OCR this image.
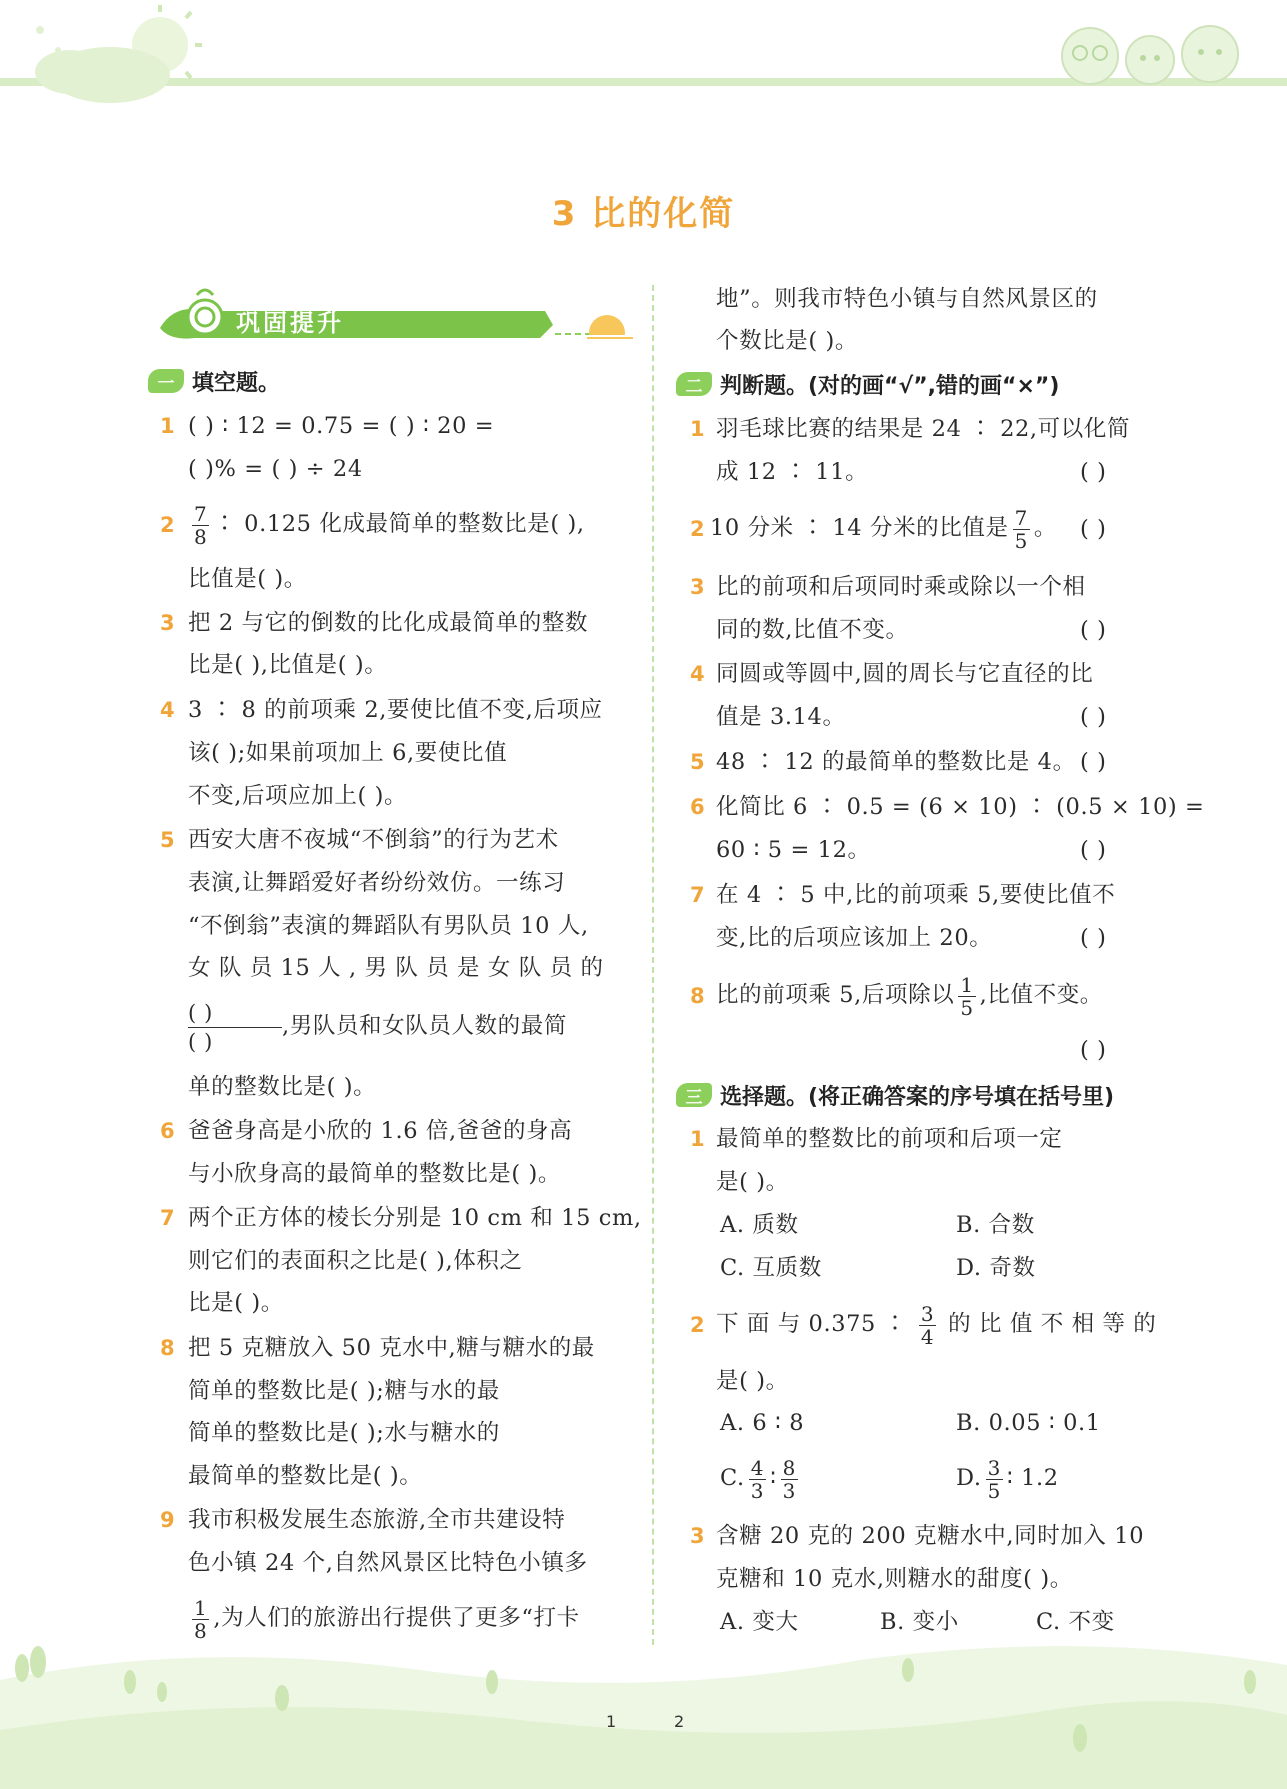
3 比的化简
巩固提升
一 填空题。
1 ( ) ∶ 12 = 0.75 = ( ) ∶ 20 =
( )% = ( ) ÷ 24
$2 \frac{7}{8}$ ∶ 0.125 化成最简单的整数比是( ),
比值是( )。
3 把 2 与它的倒数的比化成最简单的整数
比是( ),比值是( )。
4 3 ∶ 8 的前项乘 2,要使比值不变,后项应
该( );如果前项加上 6,要使比值
不变,后项应加上( )。
5 西安大唐不夜城“不倒翁”的行为艺术
表演,让舞蹈爱好者纷纷效仿。一练习
“不倒翁”表演的舞蹈队有男队员 10 人,
女 队 员 15 人 , 男 队 员 是 女 队 员 的
$\frac{( )}{( )}$,男队员和女队员人数的最简
单的整数比是( )。
6 爸爸身高是小欣的 1.6 倍,爸爸的身高
与小欣身高的最简单的整数比是( )。
7 两个正方体的棱长分别是 10 cm 和 15 cm,
则它们的表面积之比是( ),体积之
比是( )。
8 把 5 克糖放入 50 克水中,糖与糖水的最
简单的整数比是( );糖与水的最
简单的整数比是( );水与糖水的
最简单的整数比是( )。
9 我市积极发展生态旅游,全市共建设特
色小镇 24 个,自然风景区比特色小镇多
$\frac{1}{8}$ ,为人们的旅游出行提供了更多“打卡
地”。则我市特色小镇与自然风景区的
个数比是( )。
二 判断题。(对的画“√”,错的画“×”)
1 羽毛球比赛的结果是 24 ∶ 22,可以化简
成 12 ∶ 11。	( )
2 10 分米 ∶ 14 分米的比值是 $\frac{7}{5}$ 。 ( )
3 比的前项和后项同时乘或除以一个相
同的数,比值不变。	( )
4 同圆或等圆中,圆的周长与它直径的比
值是 3.14。	( )
5 48 ∶ 12 的最简单的整数比是 4。 ( )
6 化简比 6 ∶ 0.5 = (6 × 10) ∶ (0.5 × 10) =
60 ∶ 5 = 12。	( )
7 在 4 ∶ 5 中,比的前项乘 5,要使比值不
变,比的后项应该加上 20。	( )
8 比的前项乘 5,后项除以 $\frac{1}{5}$ ,比值不变。
( )
三 选择题。(将正确答案的序号填在括号里)
1 最简单的整数比的前项和后项一定
是( )。
A. 质数	B. 合数
C. 互质数	D. 奇数
2 下 面 与 0.375 ∶ $\frac{3}{4}$ 的 比 值 不 相 等 的
是( )。
A. 6 ∶ 8	B. 0.05 ∶ 0.1
C. $\frac{4}{3}$ ∶ $\frac{8}{3}$	D. $\frac{3}{5}$ ∶ 1.2
3 含糖 20 克的 200 克糖水中,同时加入 10
克糖和 10 克水,则糖水的甜度( )。
A. 变大	B. 变小	C. 不变
1	2
